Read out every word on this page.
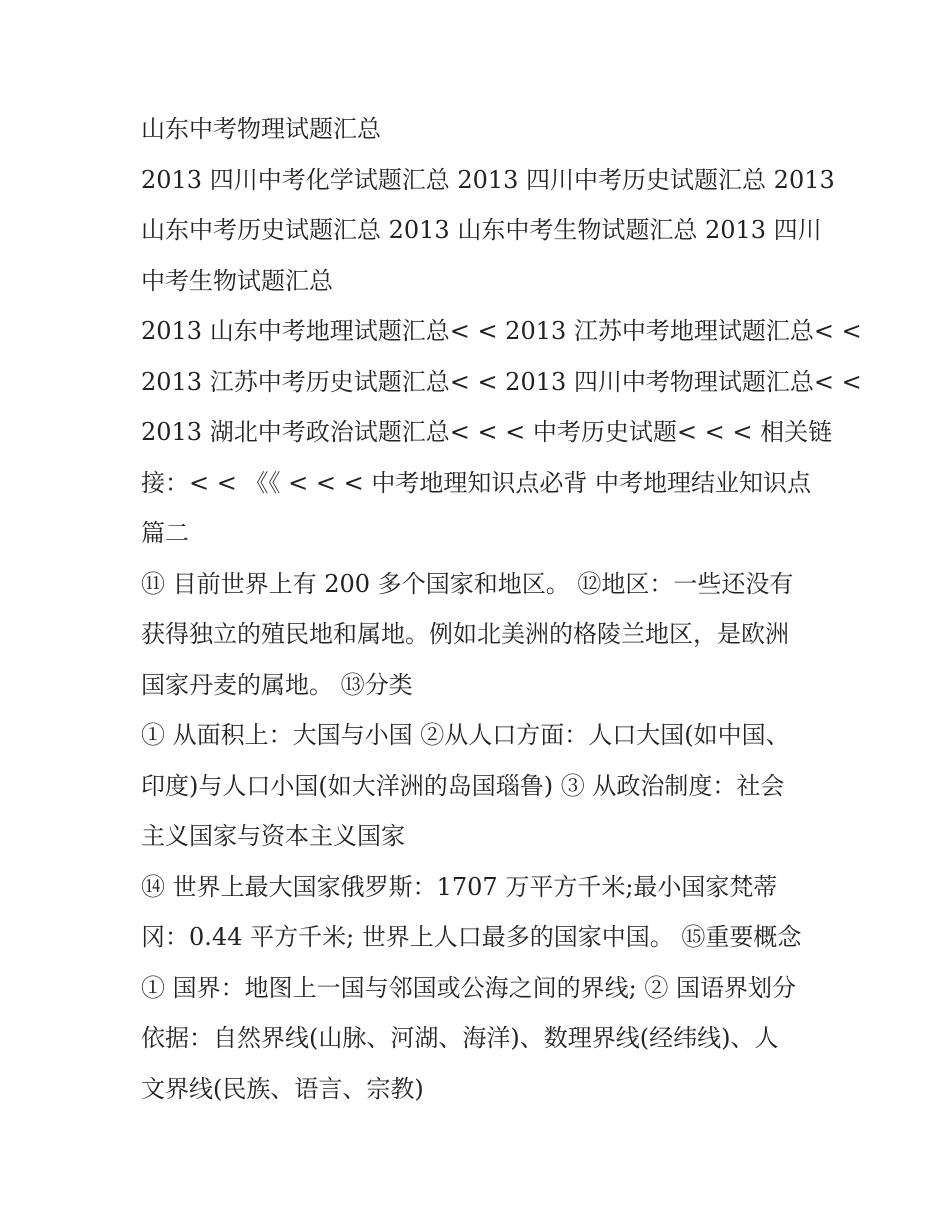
山东中考物理试题汇总
2013 四川中考化学试题汇总 2013 四川中考历史试题汇总 2013
山东中考历史试题汇总 2013 山东中考生物试题汇总 2013 四川
中考生物试题汇总
2013 山东中考地理试题汇总< < 2013 江苏中考地理试题汇总< <
2013 江苏中考历史试题汇总< < 2013 四川中考物理试题汇总< <
2013 湖北中考政治试题汇总< < < 中考历史试题< < < 相关链
接：< < 《《 < < < 中考地理知识点必背 中考地理结业知识点
篇二
⑪ 目前世界上有 200 多个国家和地区。 ⑫地区：一些还没有
获得独立的殖民地和属地。例如北美洲的格陵兰地区，是欧洲
国家丹麦的属地。 ⑬分类
① 从面积上：大国与小国 ②从人口方面：人口大国(如中国、
印度)与人口小国(如大洋洲的岛国瑙鲁) ③ 从政治制度：社会
主义国家与资本主义国家
⑭ 世界上最大国家俄罗斯：1707 万平方千米;最小国家梵蒂
冈：0.44 平方千米; 世界上人口最多的国家中国。 ⑮重要概念
① 国界：地图上一国与邻国或公海之间的界线; ② 国语界划分
依据：自然界线(山脉、河湖、海洋)、数理界线(经纬线)、人
文界线(民族、语言、宗教)
